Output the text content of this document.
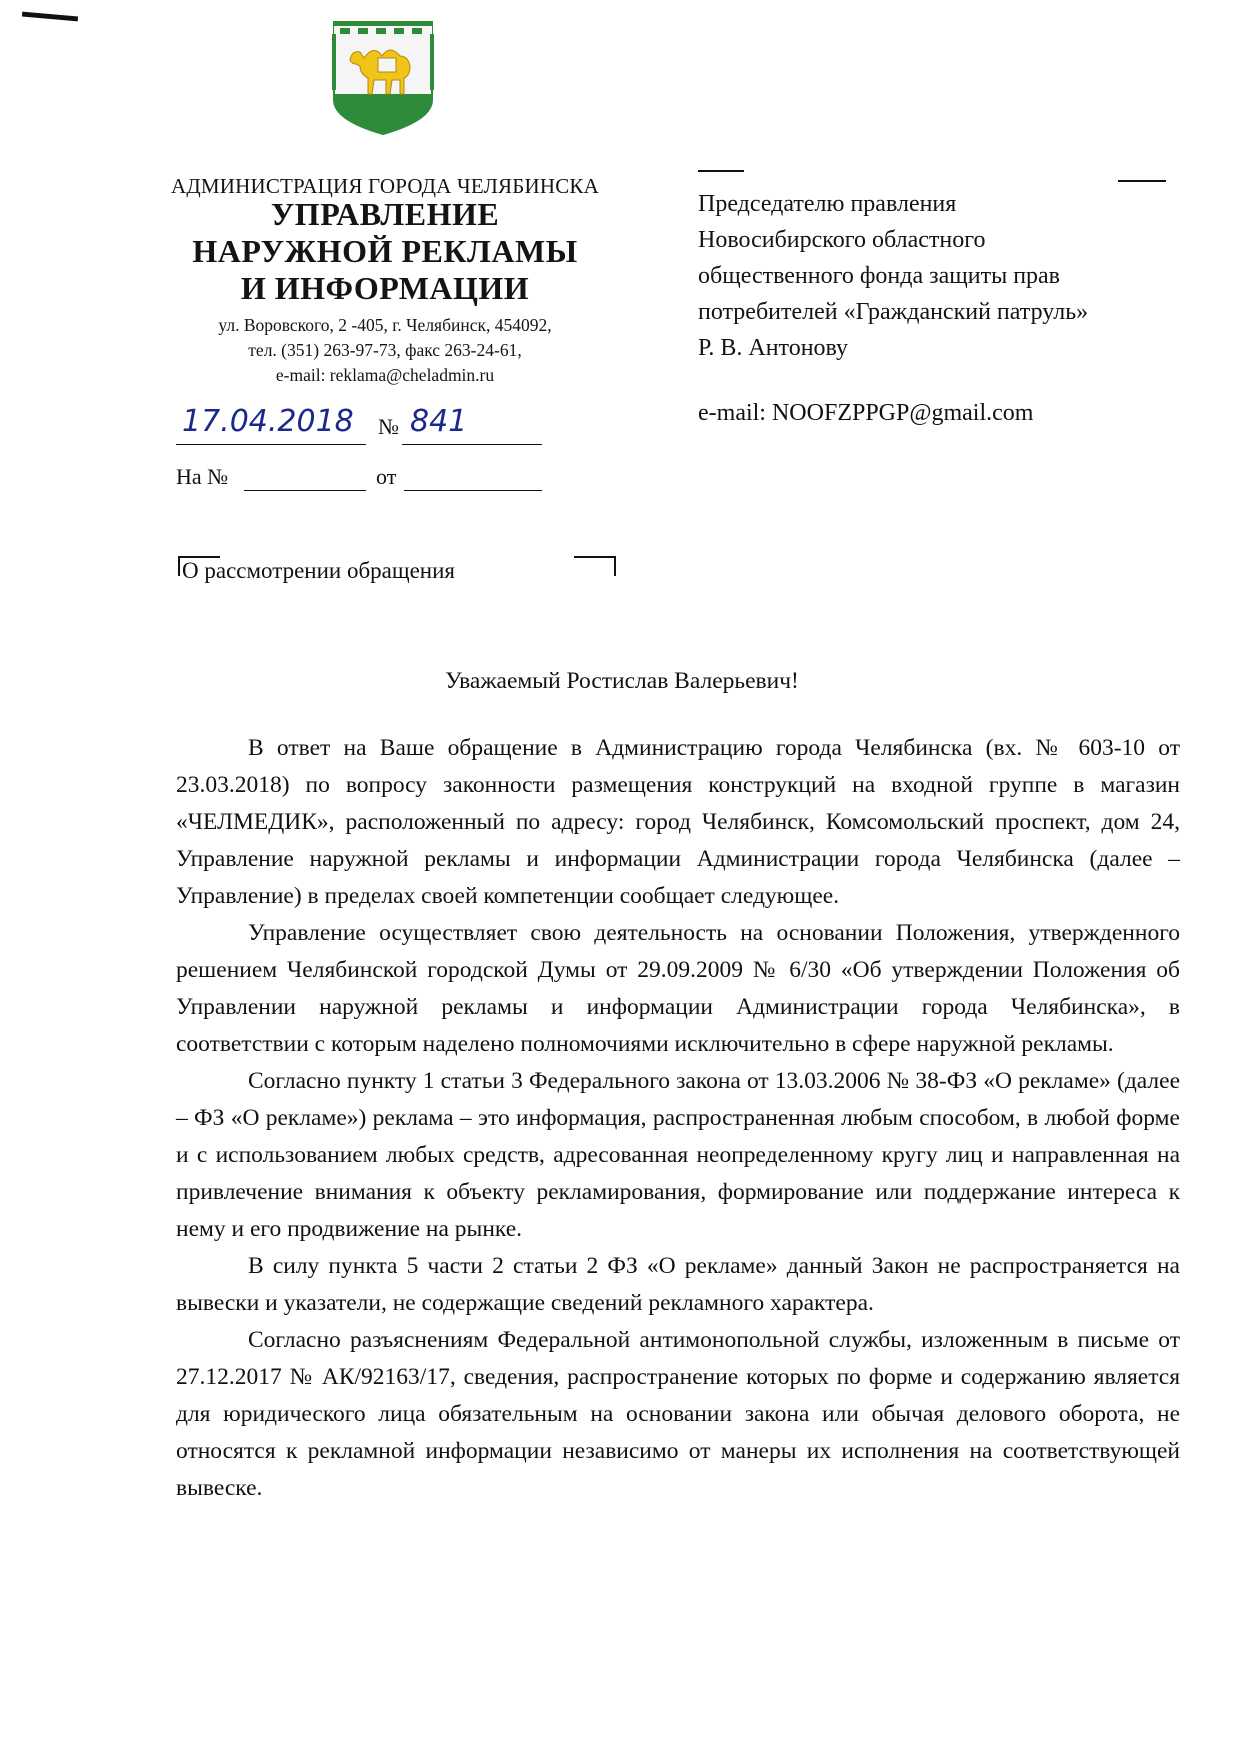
АДМИНИСТРАЦИЯ ГОРОДА ЧЕЛЯБИНСКА
УПРАВЛЕНИЕ
НАРУЖНОЙ РЕКЛАМЫ
И ИНФОРМАЦИИ
ул. Воровского, 2 -405, г. Челябинск, 454092,
тел. (351) 263-97-73, факс 263-24-61,
e-mail: reklama@cheladmin.ru
17.04.2018 № 841
На №	от
Председателю правления
Новосибирского областного
общественного фонда защиты прав
потребителей «Гражданский патруль»
Р. В. Антонову
e-mail: NOOFZPPGP@gmail.com
О рассмотрении обращения
Уважаемый Ростислав Валерьевич!

В ответ на Ваше обращение в Администрацию города Челябинска (вх. № 603-10 от 23.03.2018) по вопросу законности размещения конструкций на входной группе в магазин «ЧЕЛМЕДИК», расположенный по адресу: город Челябинск, Комсомольский проспект, дом 24, Управление наружной рекламы и информации Администрации города Челябинска (далее – Управление) в пределах своей компетенции сообщает следующее.

Управление осуществляет свою деятельность на основании Положения, утвержденного решением Челябинской городской Думы от 29.09.2009 № 6/30 «Об утверждении Положения об Управлении наружной рекламы и информации Администрации города Челябинска», в соответствии с которым наделено полномочиями исключительно в сфере наружной рекламы.

Согласно пункту 1 статьи 3 Федерального закона от 13.03.2006 № 38-ФЗ «О рекламе» (далее – ФЗ «О рекламе») реклама – это информация, распространенная любым способом, в любой форме и с использованием любых средств, адресованная неопределенному кругу лиц и направленная на привлечение внимания к объекту рекламирования, формирование или поддержание интереса к нему и его продвижение на рынке.

В силу пункта 5 части 2 статьи 2 ФЗ «О рекламе» данный Закон не распространяется на вывески и указатели, не содержащие сведений рекламного характера.

Согласно разъяснениям Федеральной антимонопольной службы, изложенным в письме от 27.12.2017 № АК/92163/17, сведения, распространение которых по форме и содержанию является для юридического лица обязательным на основании закона или обычая делового оборота, не относятся к рекламной информации независимо от манеры их исполнения на соответствующей вывеске.
